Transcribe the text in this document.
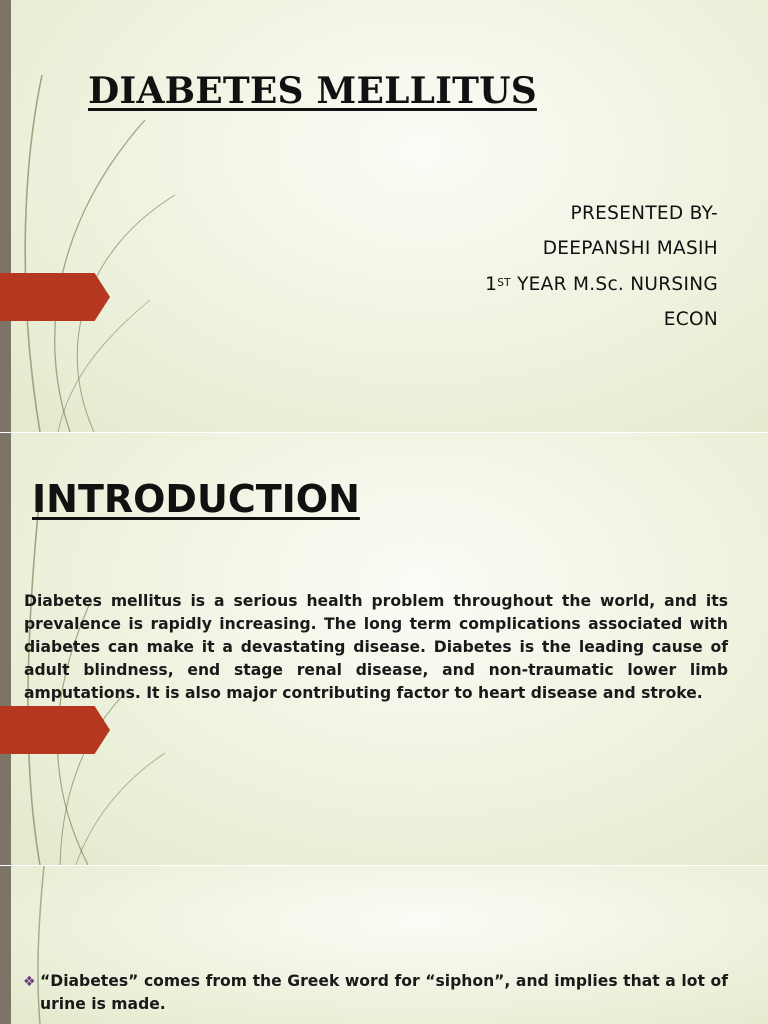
DIABETES MELLITUS
PRESENTED BY-
DEEPANSHI MASIH
1ST YEAR M.Sc. NURSING
ECON
INTRODUCTION

Diabetes mellitus is a serious health problem throughout the world, and its prevalence is rapidly increasing. The long term complications associated with diabetes can make it a devastating disease. Diabetes is the leading cause of adult blindness, end stage renal disease, and non-traumatic lower limb amputations. It is also major contributing factor to heart disease and stroke.

❖ “Diabetes” comes from the Greek word for “siphon”, and implies that a lot of urine is made.
